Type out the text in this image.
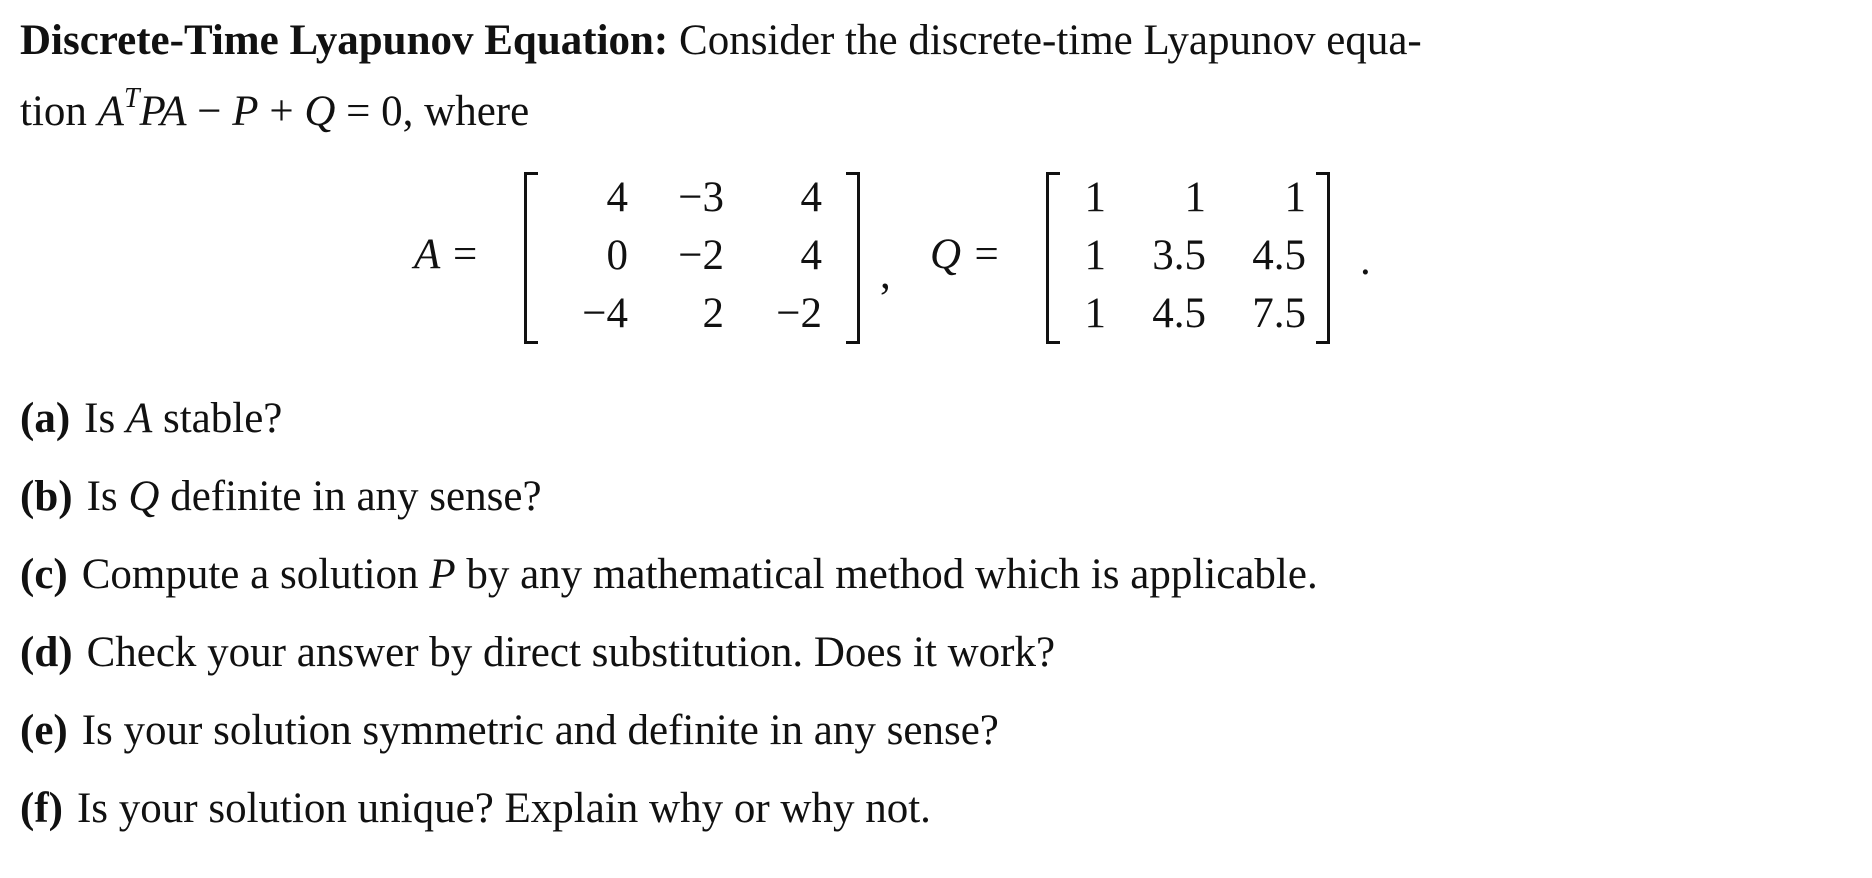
Discrete-Time Lyapunov Equation: Consider the discrete-time Lyapunov equa-
tion $A^TPA - P + Q = 0$, where
A =
4	−3	4
0	−2	4
−4	2	−2
, Q =
1	1	1
1	3.5	4.5
1	4.5	7.5
.
(a) Is A stable?
(b) Is Q definite in any sense?
(c) Compute a solution P by any mathematical method which is applicable.
(d) Check your answer by direct substitution. Does it work?
(e) Is your solution symmetric and definite in any sense?
(f) Is your solution unique? Explain why or why not.
